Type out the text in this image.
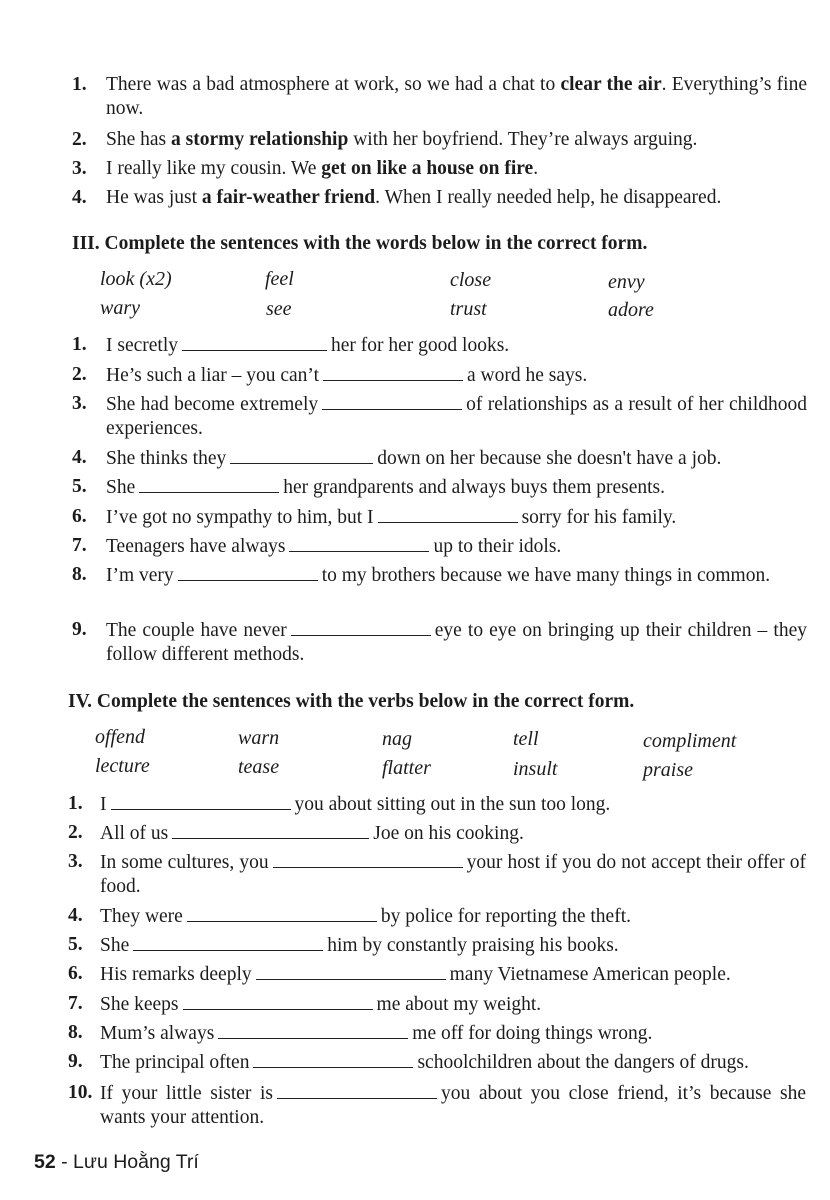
1. There was a bad atmosphere at work, so we had a chat to clear the air. Everything’s fine now.
2. She has a stormy relationship with her boyfriend. They’re always arguing.
3. I really like my cousin. We get on like a house on fire.
4. He was just a fair-weather friend. When I really needed help, he disappeared.
III. Complete the sentences with the words below in the correct form.
look (x2)	feel	close	envy
wary	see	trust	adore
1. I secretly	her for her good looks.
2. He’s such a liar – you can’t	a word he says.
3. She had become extremely	of relationships as a result of her childhood experiences.
4. She thinks they	down on her because she doesn't have a job.
5. She	her grandparents and always buys them presents.
6. I’ve got no sympathy to him, but I	sorry for his family.
7. Teenagers have always	up to their idols.
8. I’m very	to my brothers because we have many things in common.
9. The couple have never	eye to eye on bringing up their children – they follow different methods.
IV. Complete the sentences with the verbs below in the correct form.
offend	warn	nag	tell	compliment
lecture	tease	flatter	insult	praise
1. I	you about sitting out in the sun too long.
2. All of us	Joe on his cooking.
3. In some cultures, you	your host if you do not accept their offer of food.
4. They were	by police for reporting the theft.
5. She	him by constantly praising his books.
6. His remarks deeply	many Vietnamese American people.
7. She keeps	me about my weight.
8. Mum’s always	me off for doing things wrong.
9. The principal often	schoolchildren about the dangers of drugs.
10. If your little sister is	you about you close friend, it’s because she wants your attention.
52 - Lưu Hoằng Trí
